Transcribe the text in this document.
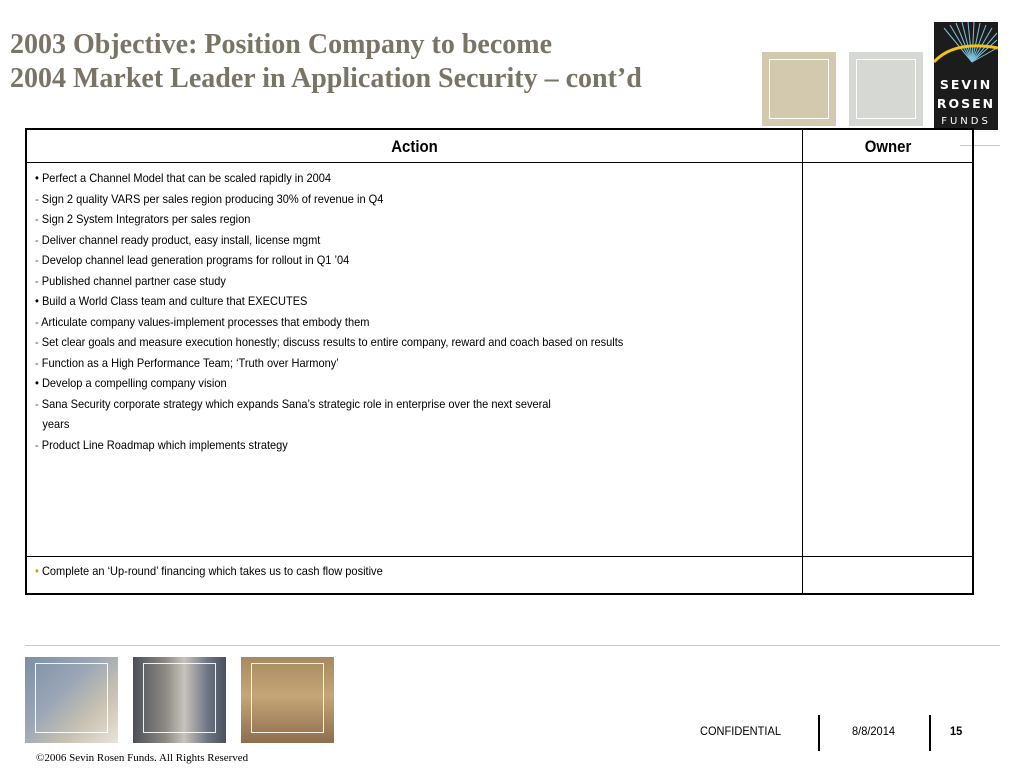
2003 Objective: Position Company to become
2004 Market Leader in Application Security – cont’d	SEVIN
ROSEN
FUNDS
Action	Owner
• Perfect a Channel Model that can be scaled rapidly in 2004
- Sign 2 quality VARS per sales region producing 30% of revenue in Q4
- Sign 2 System Integrators per sales region
- Deliver channel ready product, easy install, license mgmt
- Develop channel lead generation programs for rollout in Q1 ’04
- Published channel partner case study
• Build a World Class team and culture that EXECUTES
- Articulate company values-implement processes that embody them
- Set clear goals and measure execution honestly; discuss results to entire company, reward and coach based on results
- Function as a High Performance Team; ‘Truth over Harmony’
• Develop a compelling company vision
- Sana Security corporate strategy which expands Sana’s strategic role in enterprise over the next several
years
- Product Line Roadmap which implements strategy
• Complete an ‘Up-round’ financing which takes us to cash flow positive
CONFIDENTIAL	8/8/2014	15
©2006 Sevin Rosen Funds. All Rights Reserved
